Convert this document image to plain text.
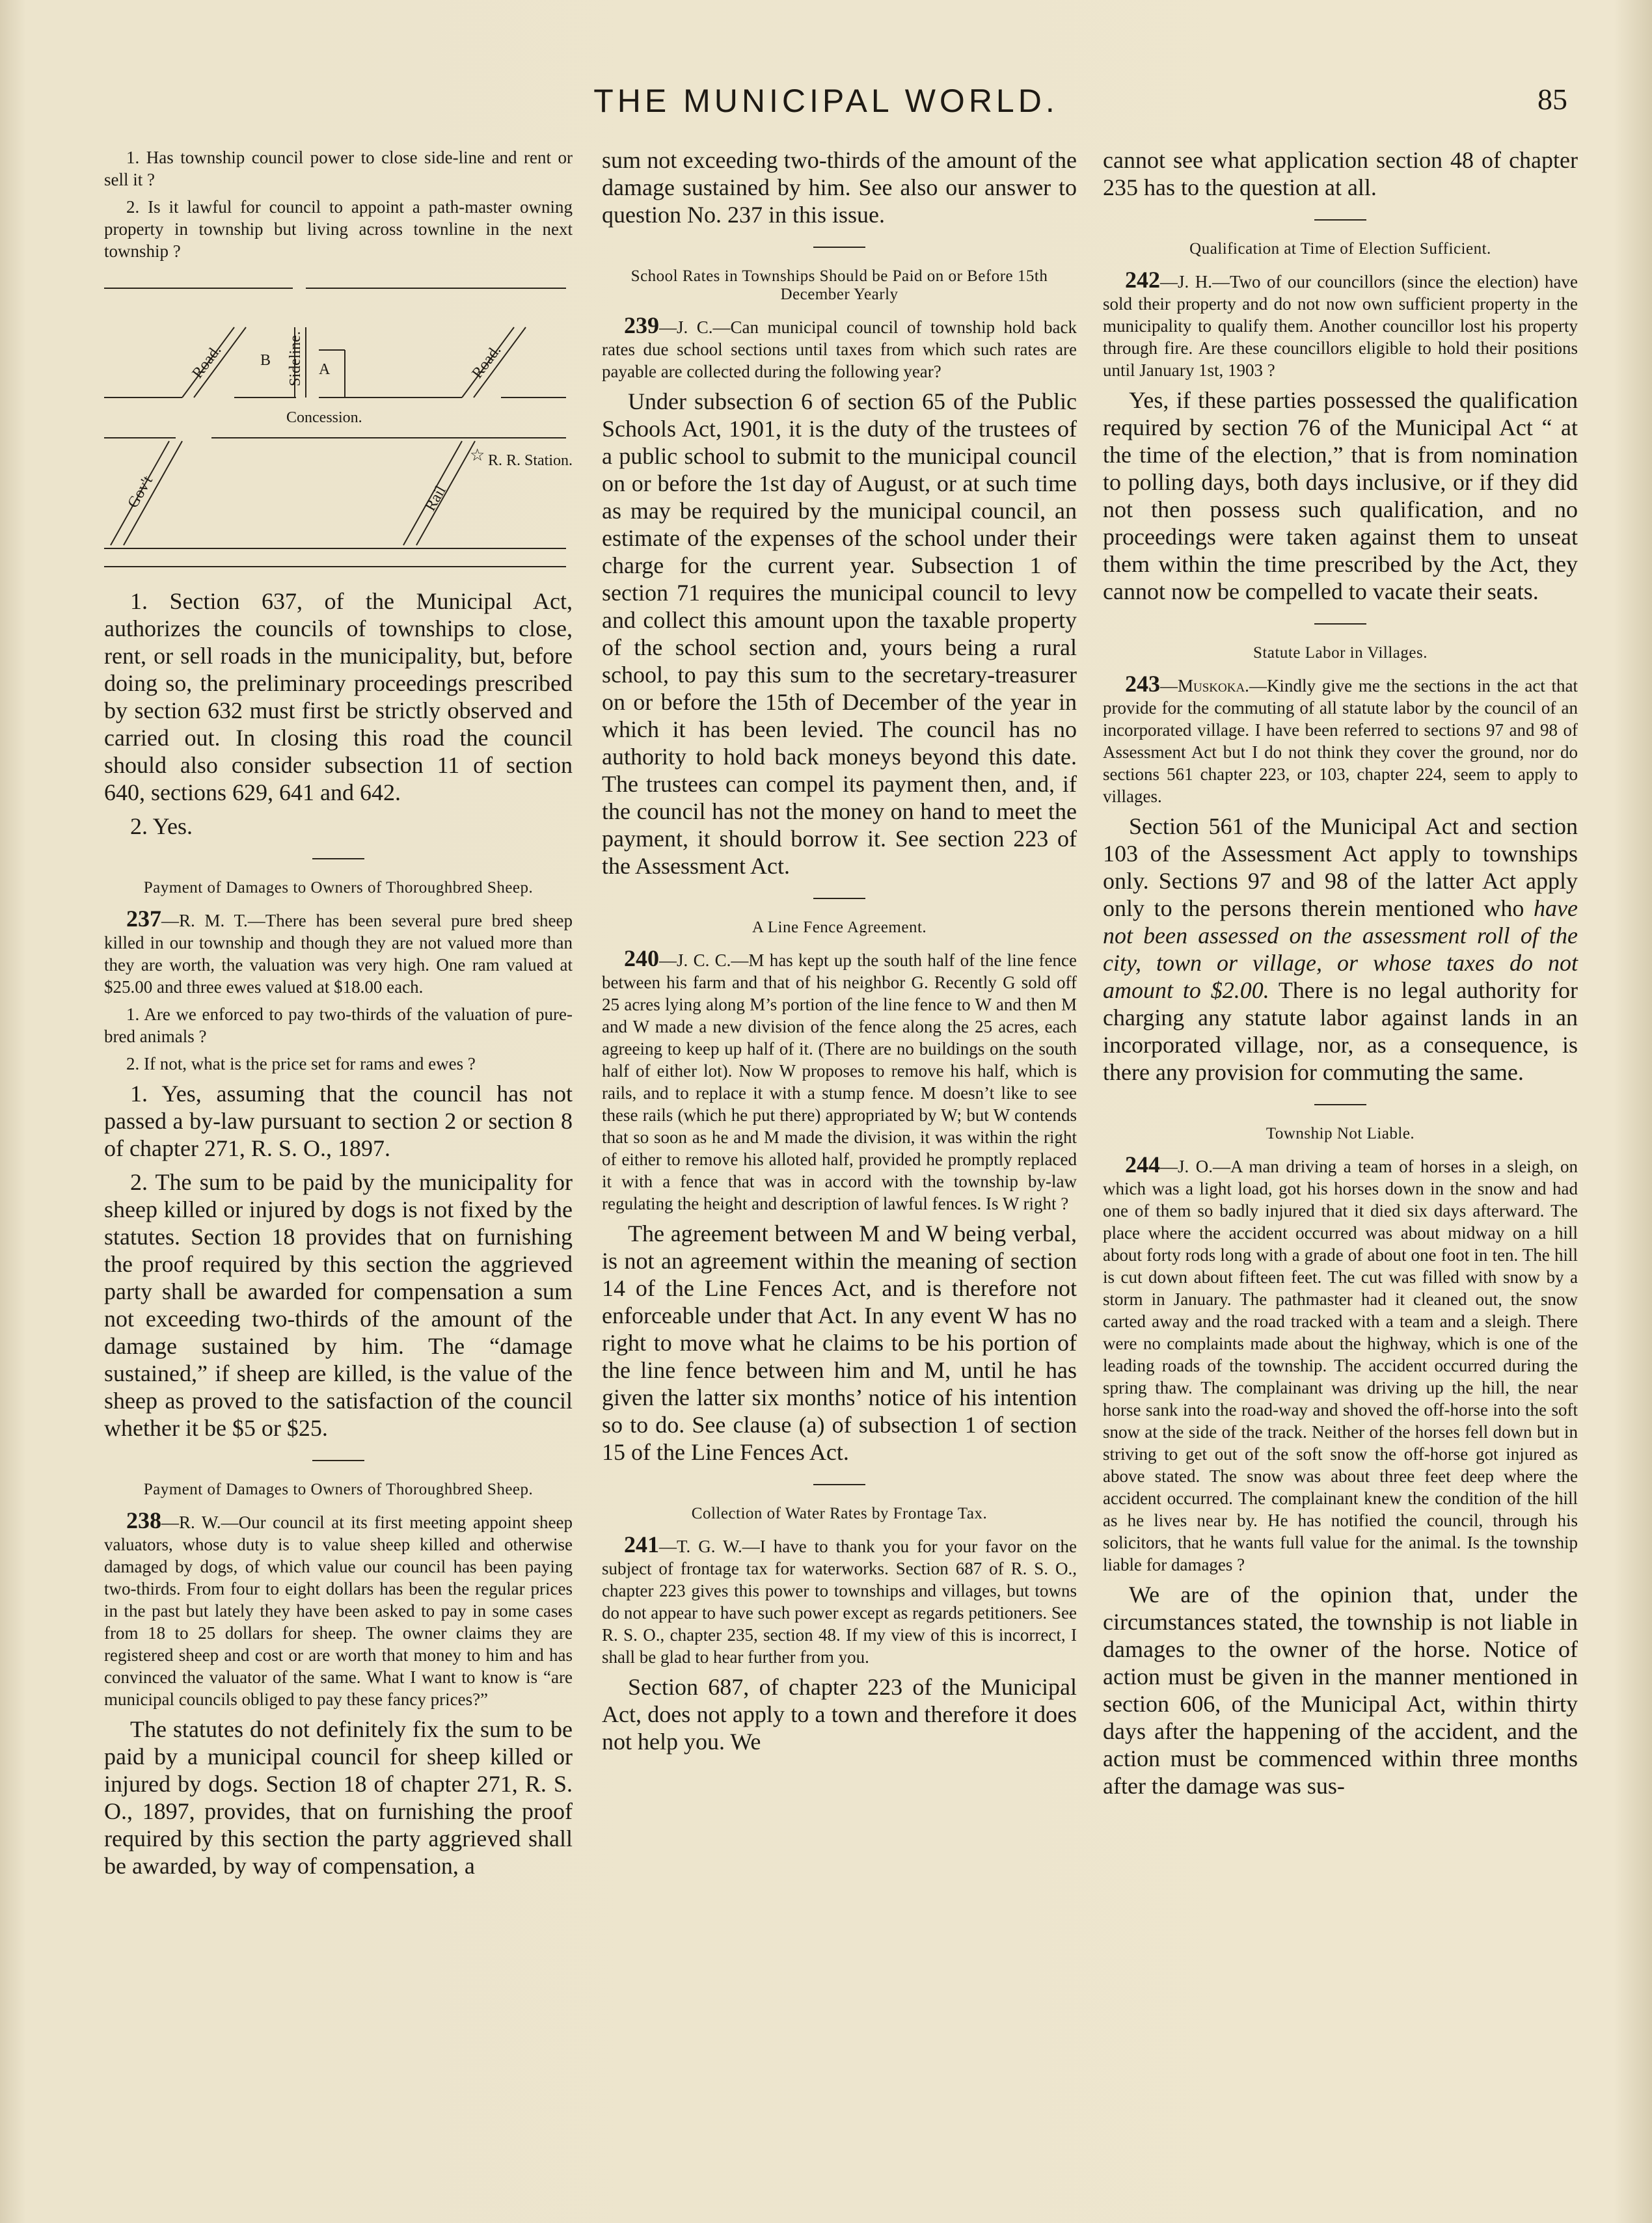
THE MUNICIPAL WORLD.	85

1. Has township council power to close side-line and rent or sell it ?

2. Is it lawful for council to appoint a path-master owning property in township but living across townline in the next township ?

Road. B Sideline. A	Road.
Concession.
Gov't	Rail
R. R. Station.
☆

1. Section 637, of the Municipal Act, authorizes the councils of townships to close, rent, or sell roads in the municipality, but, before doing so, the preliminary proceedings prescribed by section 632 must first be strictly observed and carried out. In closing this road the council should also consider subsection 11 of section 640, sections 629, 641 and 642.

2. Yes.

Payment of Damages to Owners of Thoroughbred Sheep.

237—R. M. T.—There has been several pure bred sheep killed in our township and though they are not valued more than they are worth, the valuation was very high. One ram valued at $25.00 and three ewes valued at $18.00 each.

1. Are we enforced to pay two-thirds of the valuation of pure-bred animals ?

2. If not, what is the price set for rams and ewes ?

1. Yes, assuming that the council has not passed a by-law pursuant to section 2 or section 8 of chapter 271, R. S. O., 1897.

2. The sum to be paid by the municipality for sheep killed or injured by dogs is not fixed by the statutes. Section 18 provides that on furnishing the proof required by this section the aggrieved party shall be awarded for compensation a sum not exceeding two-thirds of the amount of the damage sustained by him. The “damage sustained,” if sheep are killed, is the value of the sheep as proved to the satisfaction of the council whether it be $5 or $25.

Payment of Damages to Owners of Thoroughbred Sheep.

238—R. W.—Our council at its first meeting appoint sheep valuators, whose duty is to value sheep killed and otherwise damaged by dogs, of which value our council has been paying two-thirds. From four to eight dollars has been the regular prices in the past but lately they have been asked to pay in some cases from 18 to 25 dollars for sheep. The owner claims they are registered sheep and cost or are worth that money to him and has convinced the valuator of the same. What I want to know is “are municipal councils obliged to pay these fancy prices?”

The statutes do not definitely fix the sum to be paid by a municipal council for sheep killed or injured by dogs. Section 18 of chapter 271, R. S. O., 1897, provides, that on furnishing the proof required by this section the party aggrieved shall be awarded, by way of compensation, a

sum not exceeding two-thirds of the amount of the damage sustained by him. See also our answer to question No. 237 in this issue.

School Rates in Townships Should be Paid on or Before 15th December Yearly

239—J. C.—Can municipal council of township hold back rates due school sections until taxes from which such rates are payable are collected during the following year?

Under subsection 6 of section 65 of the Public Schools Act, 1901, it is the duty of the trustees of a public school to submit to the municipal council on or before the 1st day of August, or at such time as may be required by the municipal council, an estimate of the expenses of the school under their charge for the current year. Subsection 1 of section 71 requires the municipal council to levy and collect this amount upon the taxable property of the school section and, yours being a rural school, to pay this sum to the secretary-treasurer on or before the 15th of December of the year in which it has been levied. The council has no authority to hold back moneys beyond this date. The trustees can compel its payment then, and, if the council has not the money on hand to meet the payment, it should borrow it. See section 223 of the Assessment Act.

A Line Fence Agreement.

240—J. C. C.—M has kept up the south half of the line fence between his farm and that of his neighbor G. Recently G sold off 25 acres lying along M’s portion of the line fence to W and then M and W made a new division of the fence along the 25 acres, each agreeing to keep up half of it. (There are no buildings on the south half of either lot). Now W proposes to remove his half, which is rails, and to replace it with a stump fence. M doesn’t like to see these rails (which he put there) appropriated by W; but W contends that so soon as he and M made the division, it was within the right of either to remove his alloted half, provided he promptly replaced it with a fence that was in accord with the township by-law regulating the height and description of lawful fences. Is W right ?

The agreement between M and W being verbal, is not an agreement within the meaning of section 14 of the Line Fences Act, and is therefore not enforceable under that Act. In any event W has no right to move what he claims to be his portion of the line fence between him and M, until he has given the latter six months’ notice of his intention so to do. See clause (a) of subsection 1 of section 15 of the Line Fences Act.

Collection of Water Rates by Frontage Tax.

241—T. G. W.—I have to thank you for your favor on the subject of frontage tax for waterworks. Section 687 of R. S. O., chapter 223 gives this power to townships and villages, but towns do not appear to have such power except as regards petitioners. See R. S. O., chapter 235, section 48. If my view of this is incorrect, I shall be glad to hear further from you.

Section 687, of chapter 223 of the Municipal Act, does not apply to a town and therefore it does not help you. We

cannot see what application section 48 of chapter 235 has to the question at all.

Qualification at Time of Election Sufficient.

242—J. H.—Two of our councillors (since the election) have sold their property and do not now own sufficient property in the municipality to qualify them. Another councillor lost his property through fire. Are these councillors eligible to hold their positions until January 1st, 1903 ?

Yes, if these parties possessed the qualification required by section 76 of the Municipal Act “ at the time of the election,” that is from nomination to polling days, both days inclusive, or if they did not then possess such qualification, and no proceedings were taken against them to unseat them within the time prescribed by the Act, they cannot now be compelled to vacate their seats.

Statute Labor in Villages.

243—Muskoka.—Kindly give me the sections in the act that provide for the commuting of all statute labor by the council of an incorporated village. I have been referred to sections 97 and 98 of Assessment Act but I do not think they cover the ground, nor do sections 561 chapter 223, or 103, chapter 224, seem to apply to villages.

Section 561 of the Municipal Act and section 103 of the Assessment Act apply to townships only. Sections 97 and 98 of the latter Act apply only to the persons therein mentioned who have not been assessed on the assessment roll of the city, town or village, or whose taxes do not amount to $2.00. There is no legal authority for charging any statute labor against lands in an incorporated village, nor, as a consequence, is there any provision for commuting the same.

Township Not Liable.

244—J. O.—A man driving a team of horses in a sleigh, on which was a light load, got his horses down in the snow and had one of them so badly injured that it died six days afterward. The place where the accident occurred was about midway on a hill about forty rods long with a grade of about one foot in ten. The hill is cut down about fifteen feet. The cut was filled with snow by a storm in January. The pathmaster had it cleaned out, the snow carted away and the road tracked with a team and a sleigh. There were no complaints made about the highway, which is one of the leading roads of the township. The accident occurred during the spring thaw. The complainant was driving up the hill, the near horse sank into the road-way and shoved the off-horse into the soft snow at the side of the track. Neither of the horses fell down but in striving to get out of the soft snow the off-horse got injured as above stated. The snow was about three feet deep where the accident occurred. The complainant knew the condition of the hill as he lives near by. He has notified the council, through his solicitors, that he wants full value for the animal. Is the township liable for damages ?

We are of the opinion that, under the circumstances stated, the township is not liable in damages to the owner of the horse. Notice of action must be given in the manner mentioned in section 606, of the Municipal Act, within thirty days after the happening of the accident, and the action must be commenced within three months after the damage was sus-
